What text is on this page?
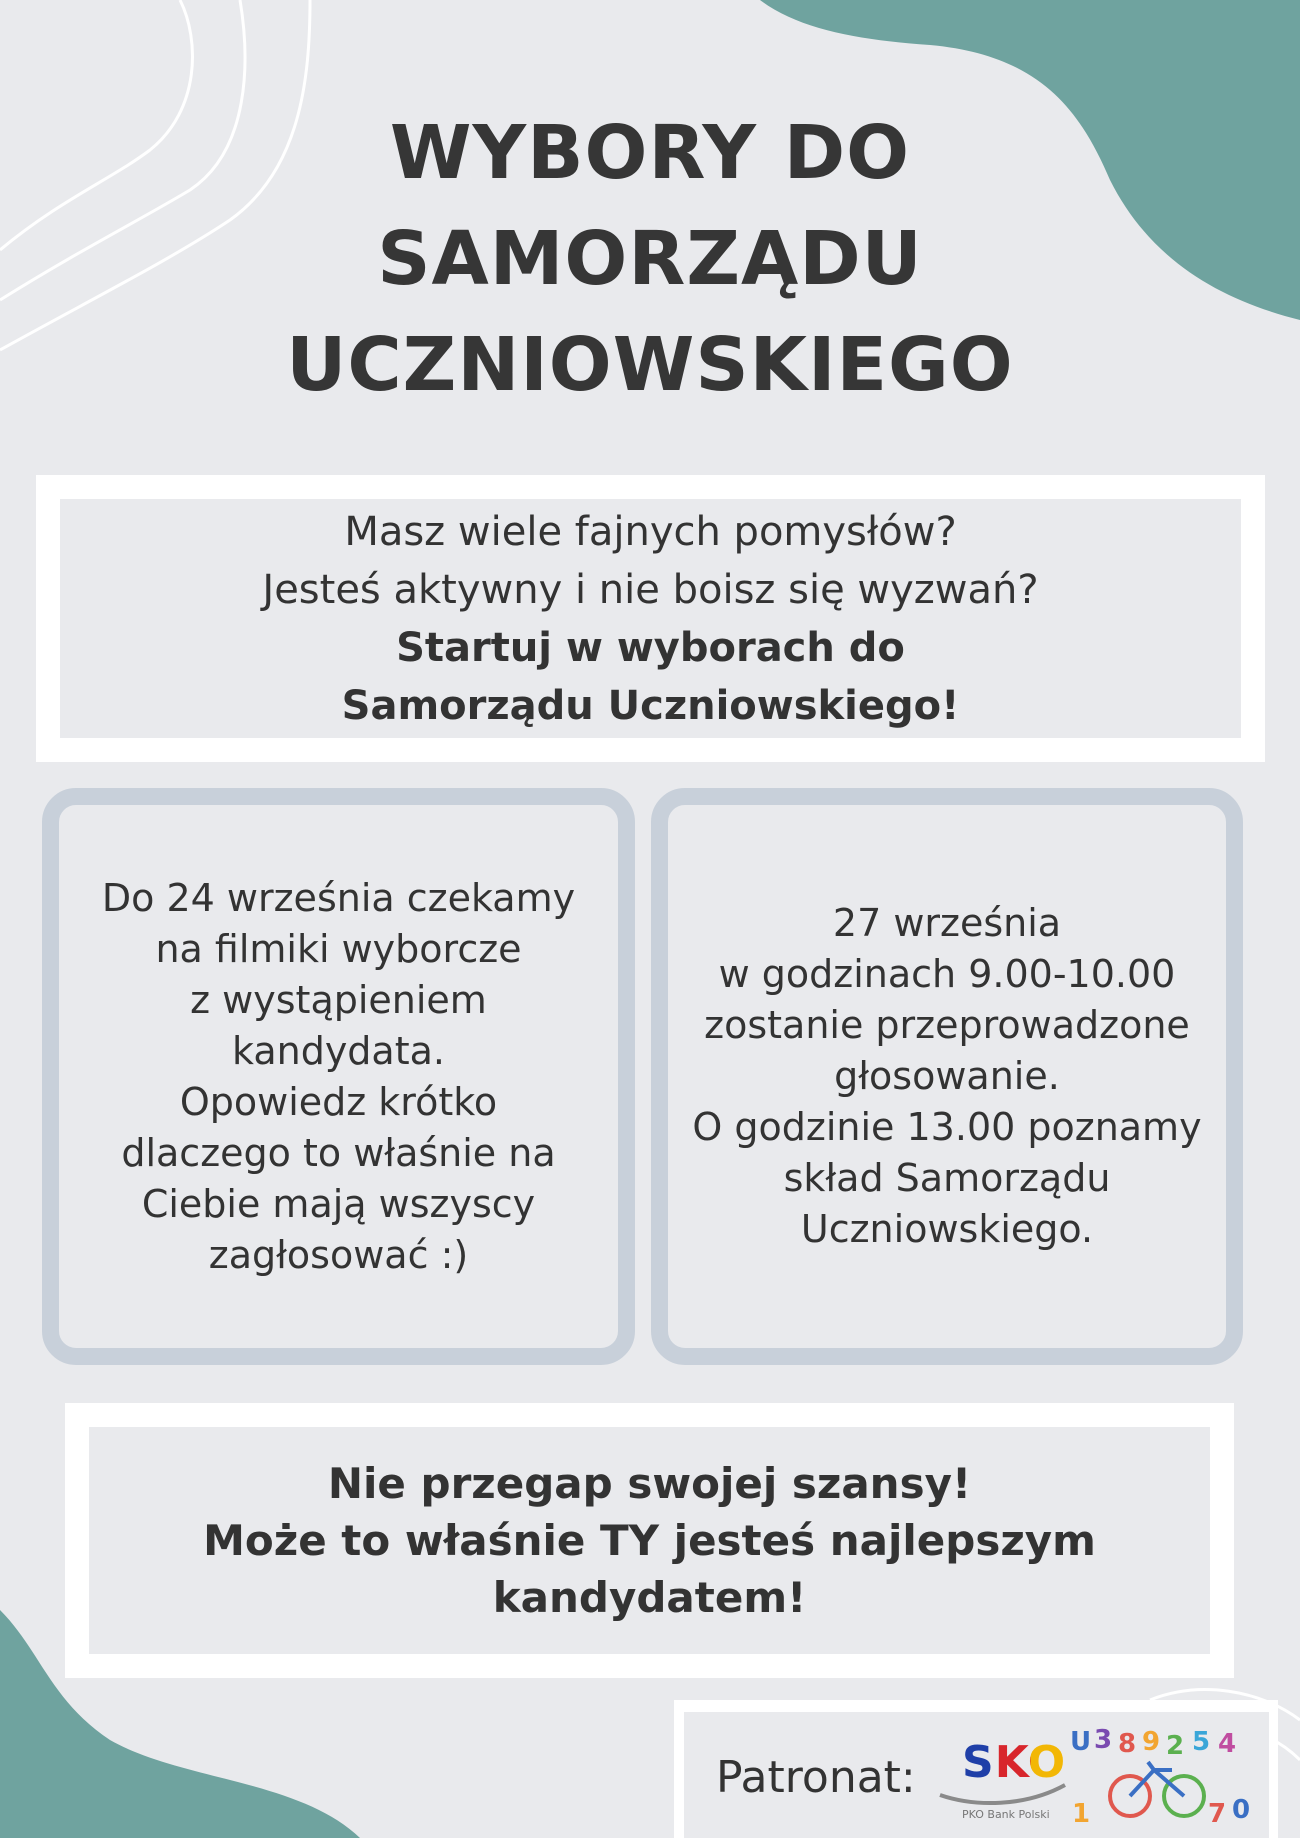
WYBORY DO
SAMORZĄDU
UCZNIOWSKIEGO
Masz wiele fajnych pomysłów?
Jesteś aktywny i nie boisz się wyzwań?
Startuj w wyborach do
Samorządu Uczniowskiego!

Do 24 września czekamy
na filmiki wyborcze
z wystąpieniem
kandydata.
Opowiedz krótko
dlaczego to właśnie na
Ciebie mają wszyscy
zagłosować :)

27 września
w godzinach 9.00-10.00
zostanie przeprowadzone
głosowanie.
O godzinie 13.00 poznamy
skład Samorządu
Uczniowskiego.

Nie przegap swojej szansy!
Może to właśnie TY jesteś najlepszym
kandydatem!
Patronat: SKO
PKO Bank Polski
U 3 8 9 2 5 4
1	7 0
